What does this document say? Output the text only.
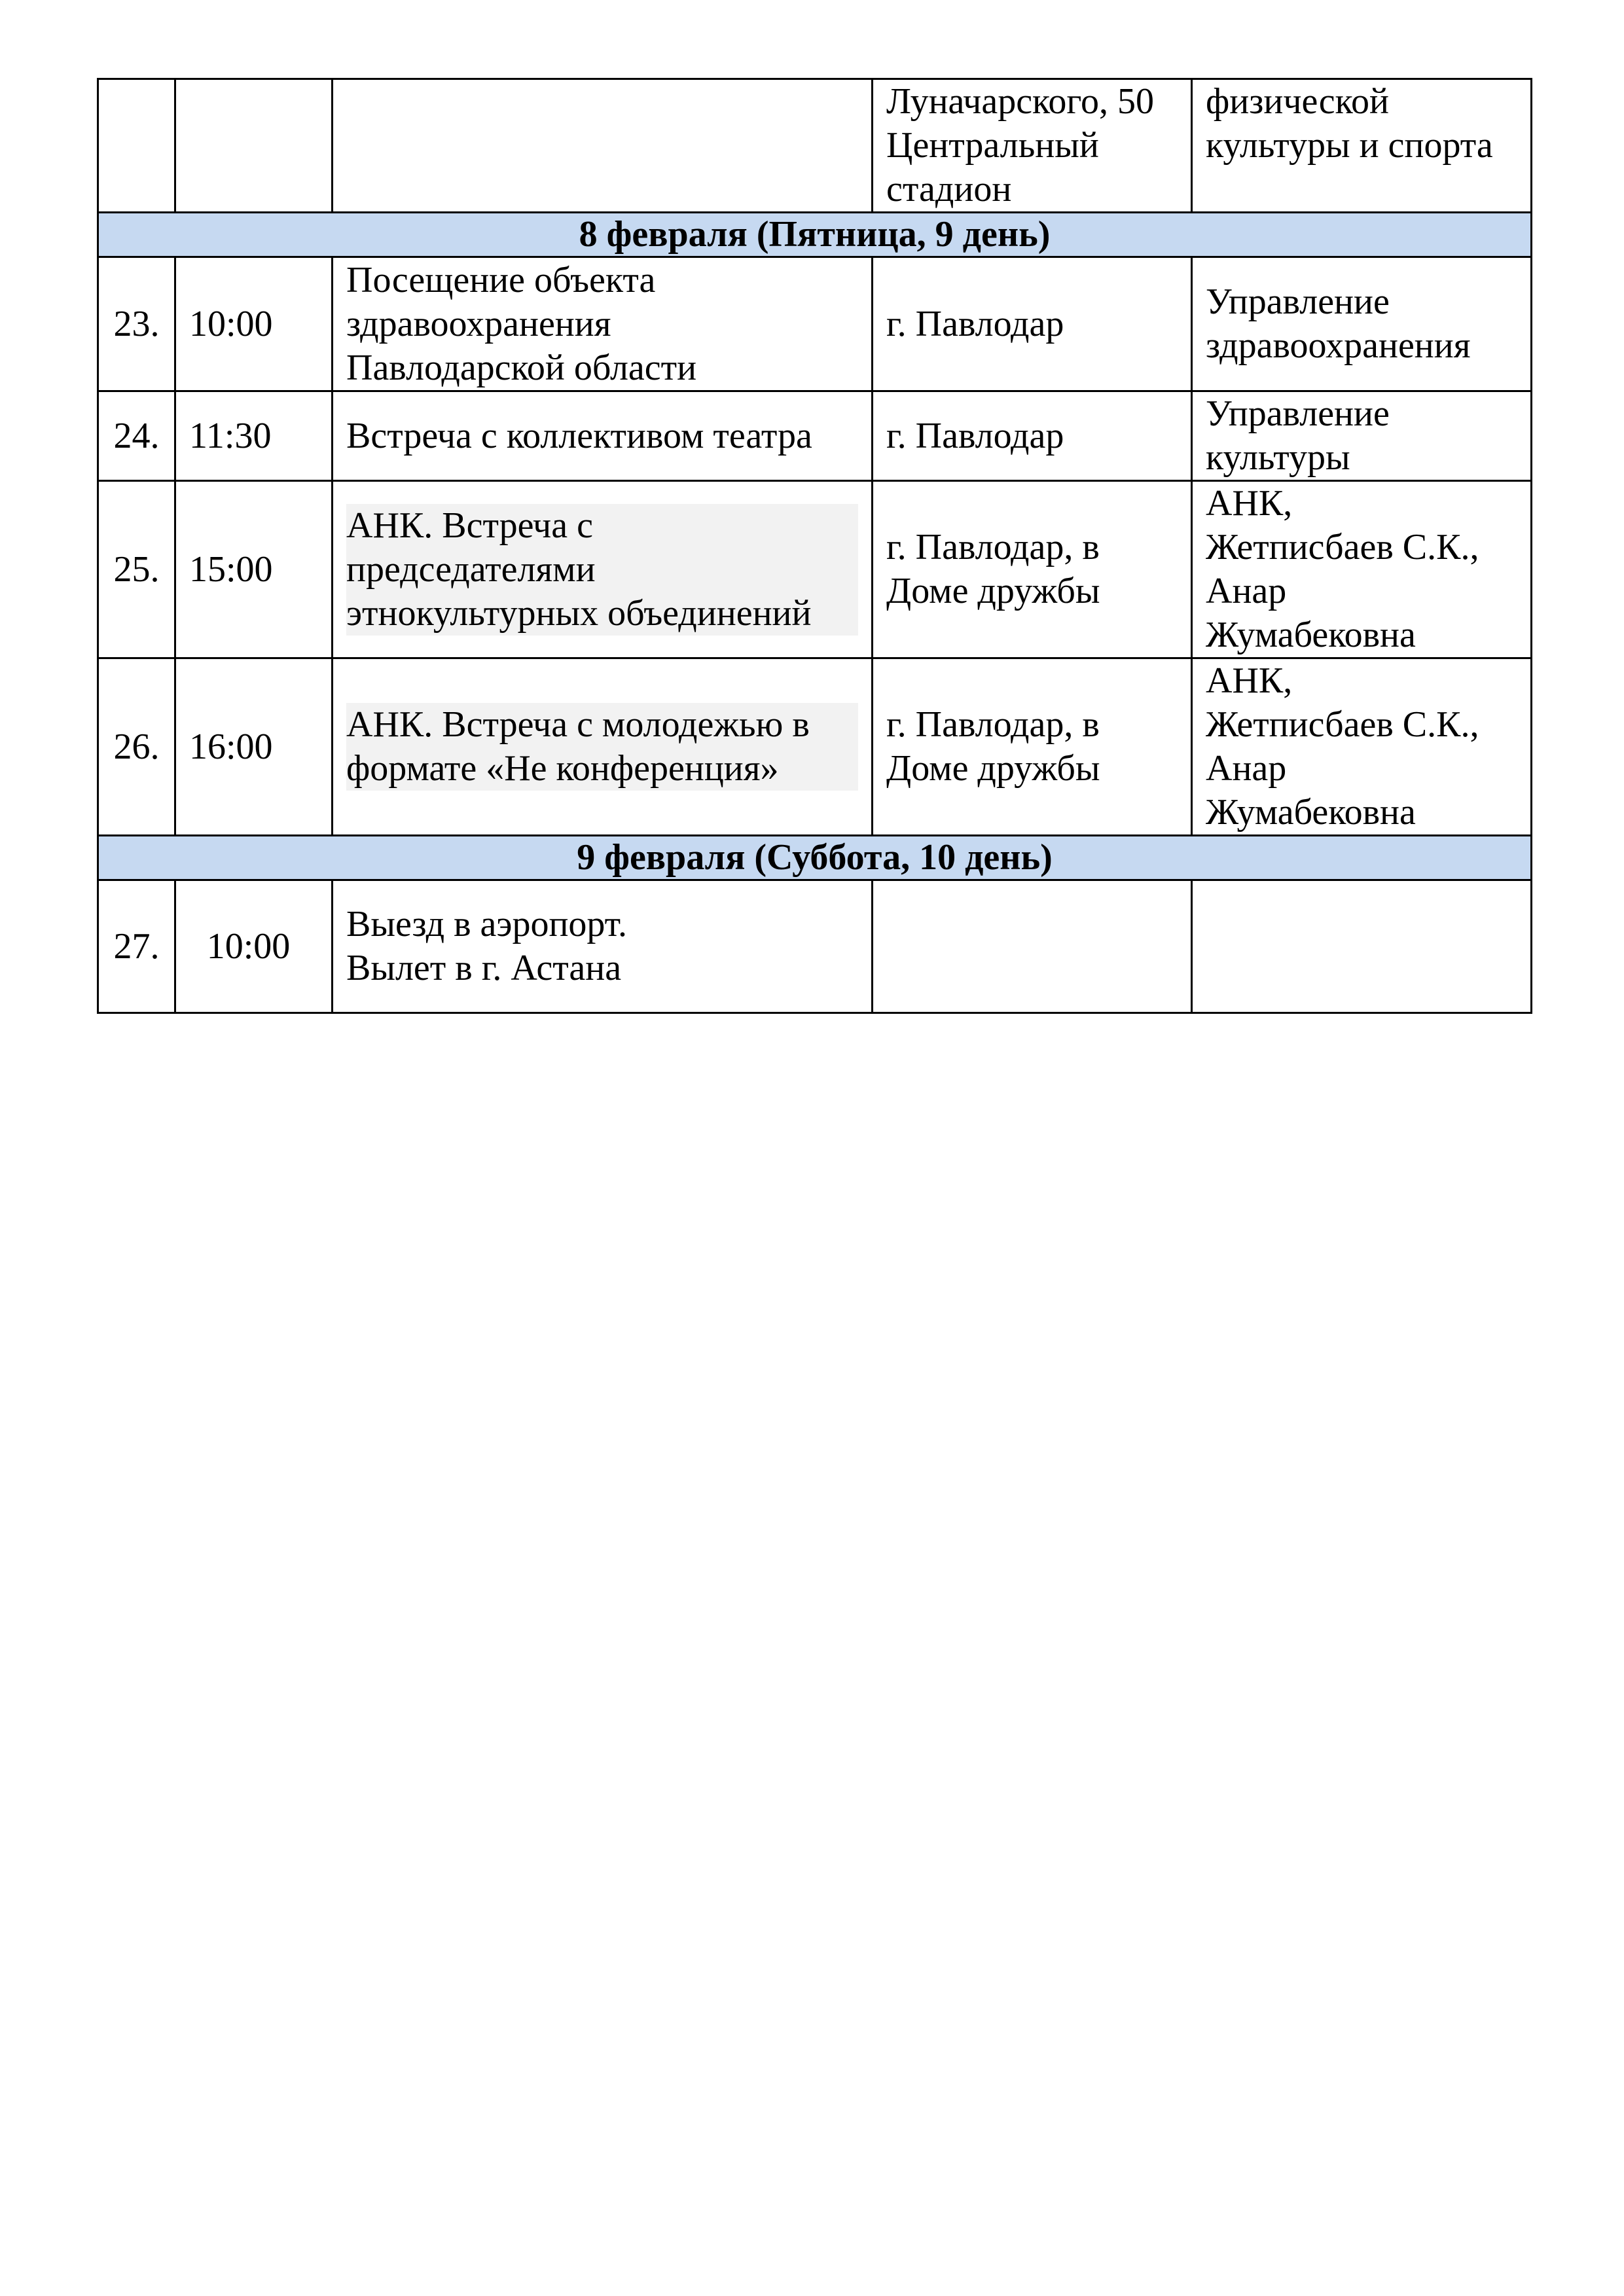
			Луначарского, 50
Центральный
стадион	физической
культуры и спорта

8 февраля (Пятница, 9 день)				
23.	10:00	Посещение объекта
здравоохранения
Павлодарской области	г. Павлодар	Управление
здравоохранения

24.	11:30	Встреча с коллективом театра	г. Павлодар	Управление
культуры

25.	15:00	АНК. Встреча с
председателями
этнокультурных объединений	г. Павлодар, в
Доме дружбы	АНК,
Жетписбаев С.К.,
Анар
Жумабековна

26.	16:00	АНК. Встреча с молодежью в
формате «Не конференция»	г. Павлодар, в
Доме дружбы	АНК,
Жетписбаев С.К.,
Анар
Жумабековна

9 февраля (Суббота, 10 день)				
27.	10:00	Выезд в аэропорт.
Вылет в г. Астана		
